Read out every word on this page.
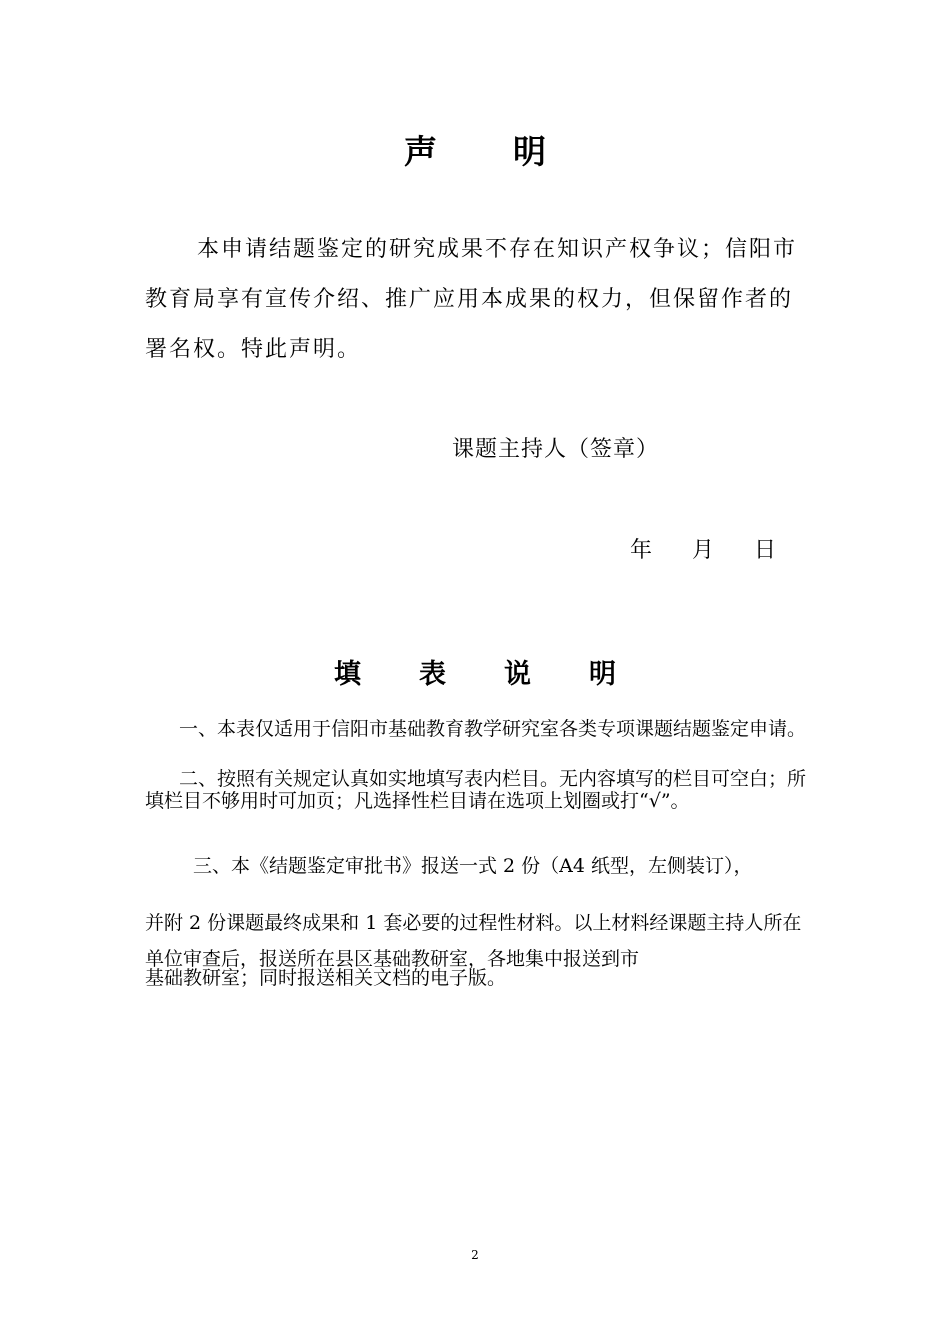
声明

本申请结题鉴定的研究成果不存在知识产权争议；信阳市教育局享有宣传介绍、推广应用本成果的权力，但保留作者的署名权。特此声明。

课题主持人（签章）

年 月 日

填表说明

一、本表仅适用于信阳市基础教育教学研究室各类专项课题结题鉴定申请。

二、按照有关规定认真如实地填写表内栏目。无内容填写的栏目可空白；所填栏目不够用时可加页；凡选择性栏目请在选项上划圈或打“√”。

三、本《结题鉴定审批书》报送一式 2 份（A4 纸型，左侧装订），

并附 2 份课题最终成果和 1 套必要的过程性材料。以上材料经课题主持人所在单位审查后，报送所在县区基础教研室，各地集中报送到市

基础教研室；同时报送相关文档的电子版。

2
